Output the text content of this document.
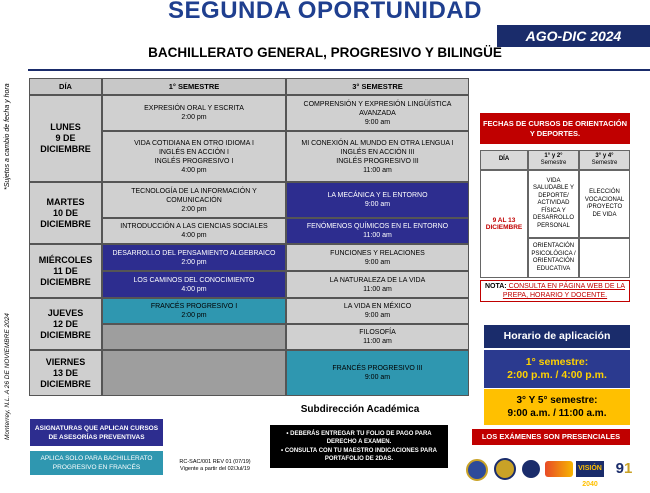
SEGUNDA OPORTUNIDAD
AGO-DIC 2024
BACHILLERATO GENERAL, PROGRESIVO Y BILINGÜE
*Sujetos a cambio de fecha y hora
Monterrey, N.L. A 26 DE NOVIEMBRE 2024
DÍA	1° SEMESTRE	3° SEMESTRE
LUNES
9 DE
DICIEMBRE
EXPRESIÓN ORAL Y ESCRITA
2:00 pm
VIDA COTIDIANA EN OTRO IDIOMA I
INGLÉS EN ACCIÓN I
INGLÉS PROGRESIVO I
4:00 pm
COMPRENSIÓN Y EXPRESIÓN LINGÜÍSTICA
AVANZADA
9:00 am
MI CONEXIÓN AL MUNDO EN OTRA LENGUA I
INGLÉS EN ACCIÓN III
INGLÉS PROGRESIVO III
11:00 am
MARTES
10 DE
DICIEMBRE
TECNOLOGÍA DE LA INFORMACIÓN Y
COMUNICACIÓN
2:00 pm
INTRODUCCIÓN A LAS CIENCIAS SOCIALES
4:00 pm
LA MECÁNICA Y EL ENTORNO
9:00 am
FENÓMENOS QUÍMICOS EN EL ENTORNO
11:00 am
MIÉRCOLES
11 DE
DICIEMBRE
DESARROLLO DEL PENSAMIENTO ALGEBRAICO
2:00 pm
LOS CAMINOS DEL CONOCIMIENTO
4:00 pm
FUNCIONES Y RELACIONES
9:00 am
LA NATURALEZA DE LA VIDA
11:00 am
JUEVES
12 DE
DICIEMBRE
FRANCÉS PROGRESIVO I
2:00 pm
LA VIDA EN MÉXICO
9:00 am
FILOSOFÍA
11:00 am
VIERNES
13 DE
DICIEMBRE
FRANCÉS PROGRESIVO III
9:00 am
FECHAS DE CURSOS DE ORIENTACIÓN Y DEPORTES.
DÍA
1° y 2°
Semestre
3° y 4°
Semestre
9 AL 13
DICIEMBRE
VIDA
SALUDABLE Y
DEPORTE/
ACTIVIDAD
FÍSICA Y
DESARROLLO
PERSONAL
ORIENTACIÓN
PSICOLÓGICA /
ORIENTACIÓN
EDUCATIVA
ELECCIÓN
VOCACIONAL
/PROYECTO
DE VIDA
NOTA: CONSULTA EN PÁGINA WEB DE LA PREPA, HORARIO Y DOCENTE.
Horario de aplicación
1° semestre:
2:00 p.m. / 4:00 p.m.
3° Y 5° semestre:
9:00 a.m. / 11:00 a.m.
LOS EXÁMENES SON PRESENCIALES
ASIGNATURAS QUE APLICAN CURSOS DE ASESORÍAS PREVENTIVAS
APLICA SOLO PARA BACHILLERATO PROGRESIVO EN FRANCÉS
RC-SAC/001 REV 01 (07/19)
Vigente a partir del 02/Jul/19
Subdirección Académica
• DEBERÁS ENTREGAR TU FOLIO DE PAGO PARA DERECHO A EXAMEN.
• CONSULTA CON TU MAESTRO INDICACIONES PARA PORTAFOLIO DE 2DAS.
VISIÓN 2040
91
